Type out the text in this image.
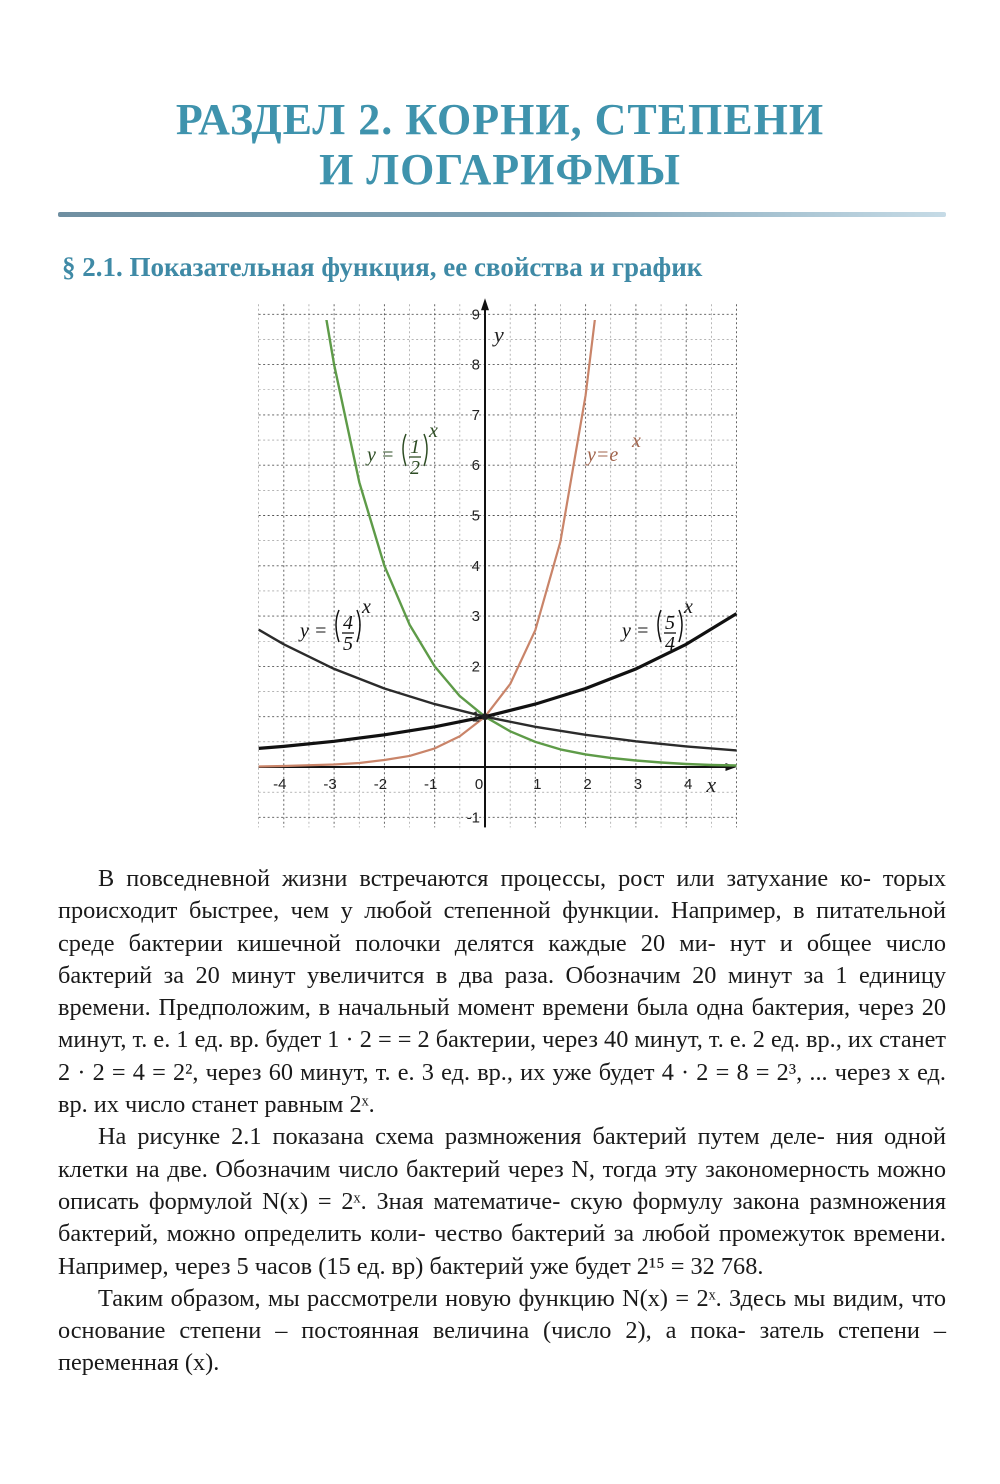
РАЗДЕЛ 2. КОРНИ, СТЕПЕНИ
И ЛОГАРИФМЫ
§ 2.1. Показательная функция, ее свойства и график
y = 1
2
x
y = 4
5
x
y = 5
4
x
y=e
x
-4 -3 -2 -1 0	1	2	3	4
1
2
3
4
5
6
7
8
9
-1
x
y

В повседневной жизни встречаются процессы, рост или затухание ко- торых происходит быстрее, чем у любой степенной функции. Например, в питательной среде бактерии кишечной полочки делятся каждые 20 ми- нут и общее число бактерий за 20 минут увеличится в два раза. Обозначим 20 минут за 1 единицу времени. Предположим, в начальный момент времени была одна бактерия, через 20 минут, т. е. 1 ед. вр. будет 1 · 2 = = 2 бактерии, через 40 минут, т. е. 2 ед. вр., их станет 2 · 2 = 4 = 2², через 60 минут, т. е. 3 ед. вр., их уже будет 4 · 2 = 8 = 2³, ... через x ед. вр. их число станет равным 2ˣ.

На рисунке 2.1 показана схема размножения бактерий путем деле- ния одной клетки на две. Обозначим число бактерий через N, тогда эту закономерность можно описать формулой N(x) = 2ˣ. Зная математиче- скую формулу закона размножения бактерий, можно определить коли- чество бактерий за любой промежуток времени. Например, через 5 часов (15 ед. вр) бактерий уже будет 2¹⁵ = 32 768.

Таким образом, мы рассмотрели новую функцию N(x) = 2ˣ. Здесь мы видим, что основание степени – постоянная величина (число 2), а пока- затель степени – переменная (x).
